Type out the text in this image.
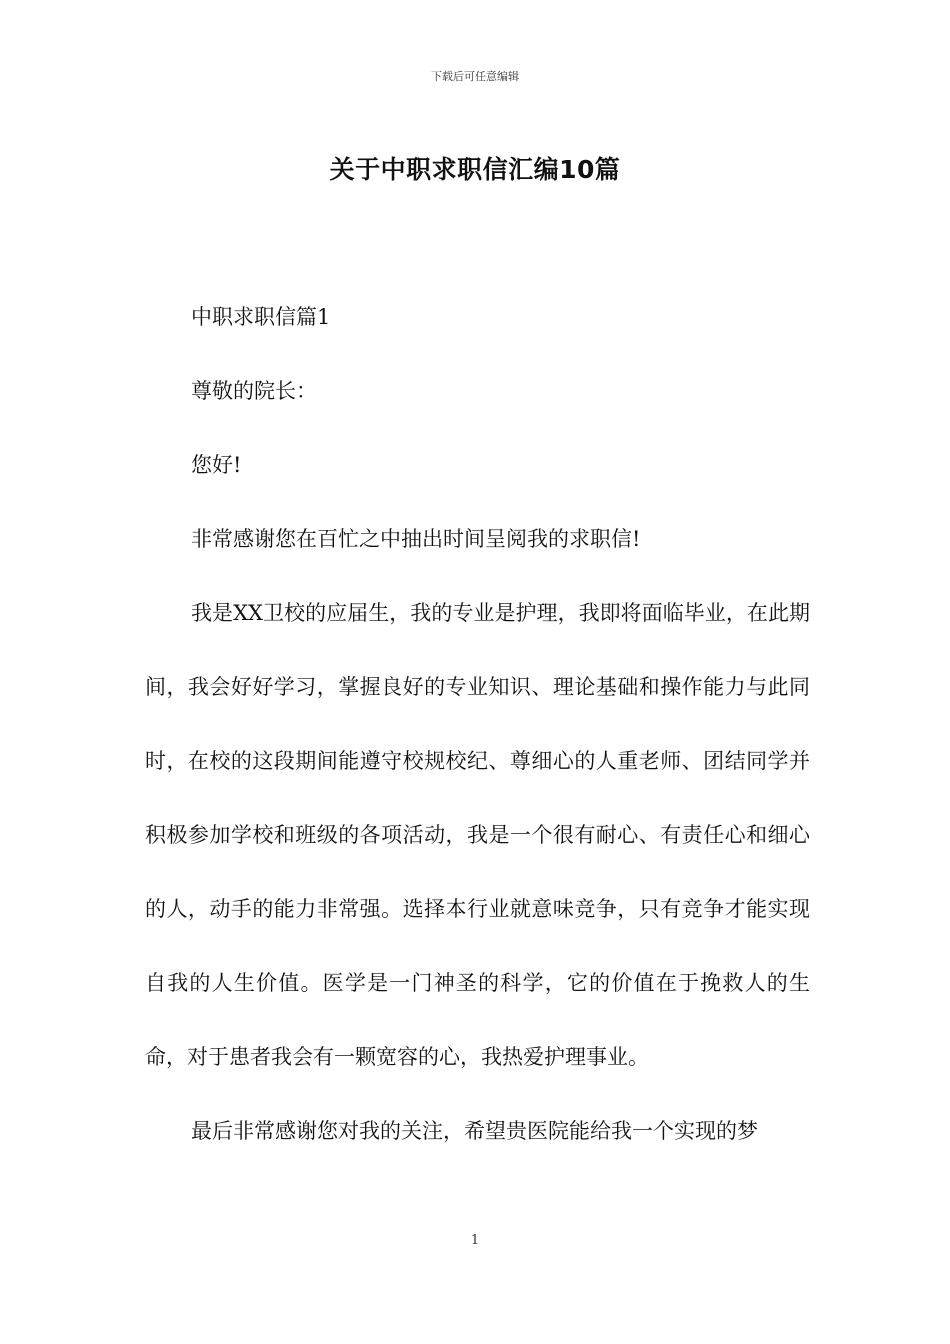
下载后可任意编辑
关于中职求职信汇编10篇

中职求职信篇1

尊敬的院长：

您好!

非常感谢您在百忙之中抽出时间呈阅我的求职信!

我是XX卫校的应届生，我的专业是护理，我即将面临毕业，在此期间，我会好好学习，掌握良好的专业知识、理论基础和操作能力与此同时，在校的这段期间能遵守校规校纪、尊细心的人重老师、团结同学并积极参加学校和班级的各项活动，我是一个很有耐心、有责任心和细心的人，动手的能力非常强。选择本行业就意味竞争，只有竞争才能实现自我的人生价值。医学是一门神圣的科学，它的价值在于挽救人的生命，对于患者我会有一颗宽容的心，我热爱护理事业。

最后非常感谢您对我的关注，希望贵医院能给我一个实现的梦

1
